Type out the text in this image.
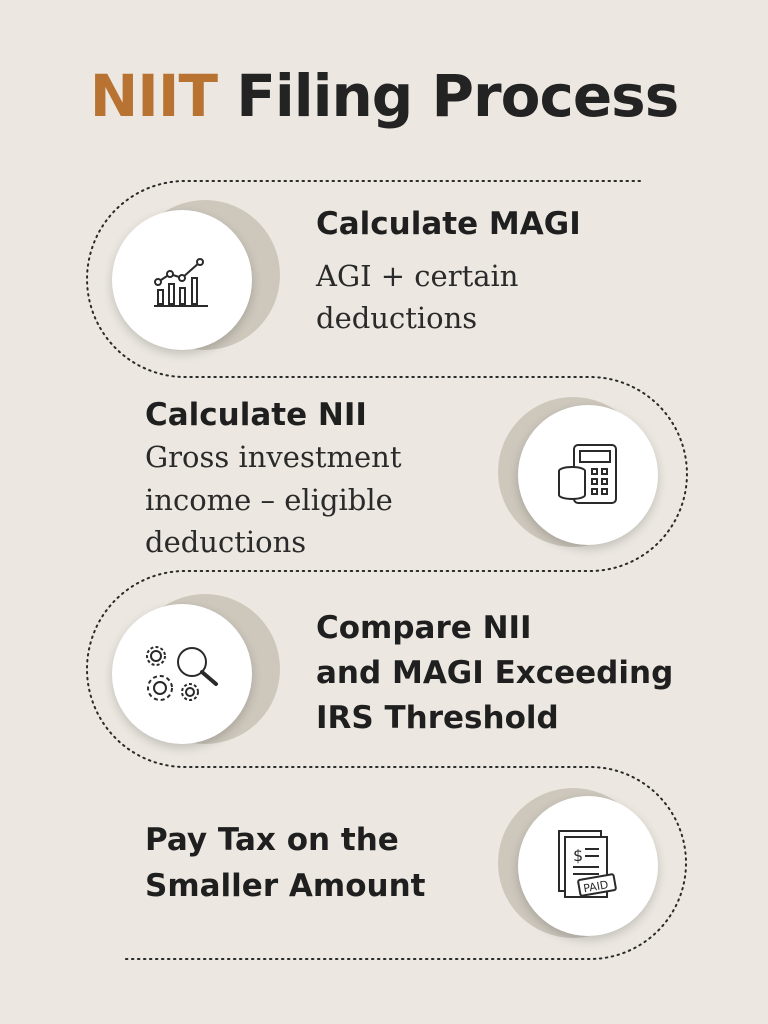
NIIT Filing Process
Calculate MAGI
AGI + certain
deductions
Calculate NII
Gross investment
income – eligible
deductions
Compare NII
and MAGI Exceeding
IRS Threshold
Pay Tax on the
Smaller Amount
$
PAID
